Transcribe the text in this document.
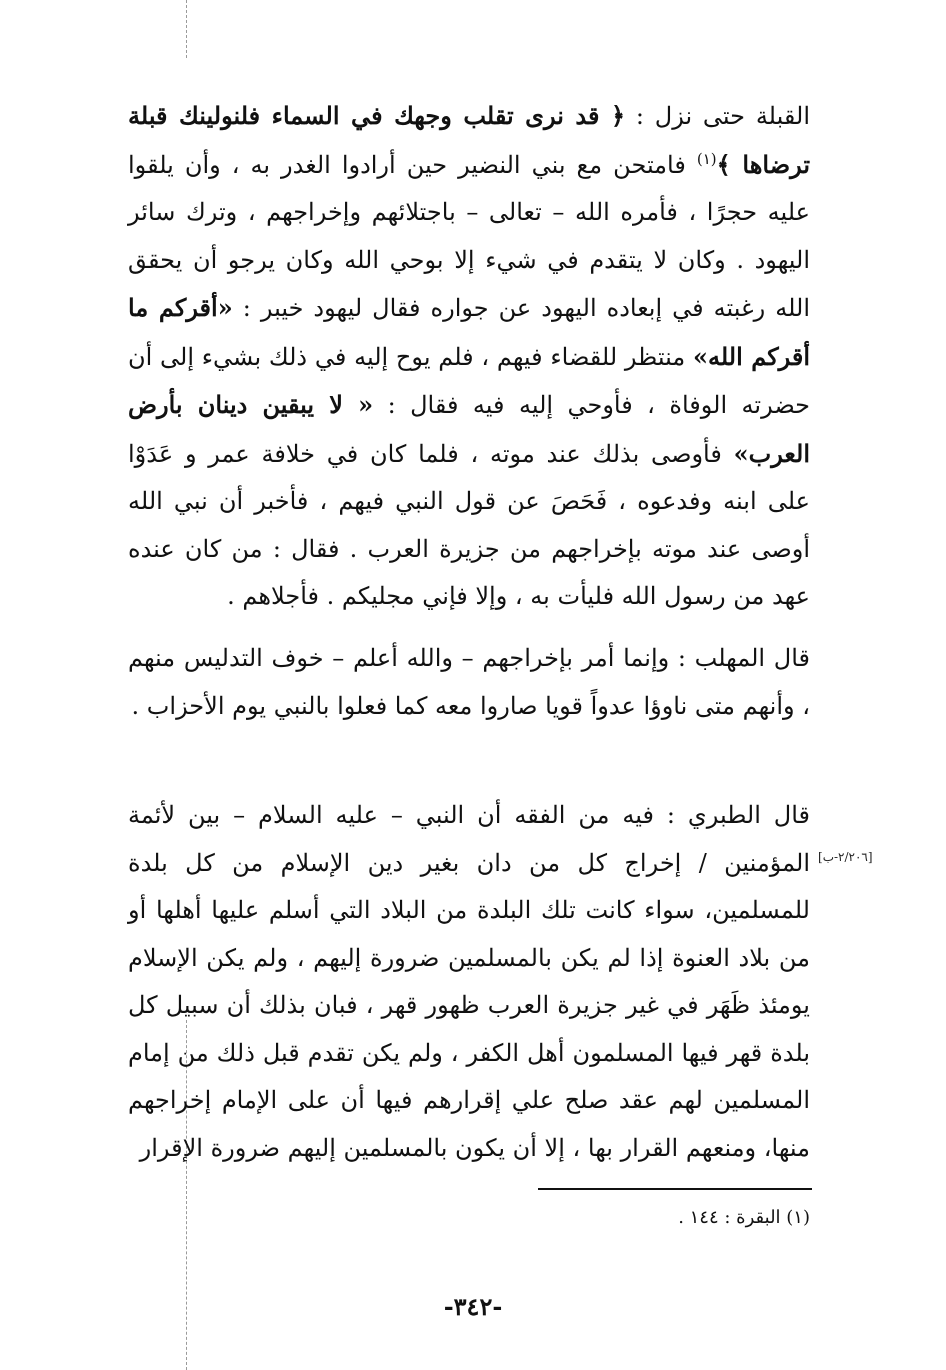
القبلة حتى نزل : ﴿ قد نرى تقلب وجهك في السماء فلنولينك قبلة ترضاها ﴾$^{(١)}$ فامتحن مع بني النضير حين أرادوا الغدر به ، وأن يلقوا عليه حجرًا ، فأمره الله – تعالى – باجتلائهم وإخراجهم ، وترك سائر اليهود . وكان لا يتقدم في شيء إلا بوحي الله وكان يرجو أن يحقق الله رغبته في إبعاده اليهود عن جواره فقال ليهود خيبر : «أقركم ما أقركم الله» منتظر للقضاء فيهم ، فلم يوح إليه في ذلك بشيء إلى أن حضرته الوفاة ، فأوحي إليه فيه فقال : « لا يبقين دينان بأرض العرب» فأوصى بذلك عند موته ، فلما كان في خلافة عمر و عَدَوْا على ابنه وفدعوه ، فَحَصَ عن قول النبي فيهم ، فأخبر أن نبي الله أوصى عند موته بإخراجهم من جزيرة العرب . فقال : من كان عنده عهد من رسول الله فليأت به ، وإلا فإني مجليكم . فأجلاهم .
قال المهلب : وإنما أمر بإخراجهم – والله أعلم – خوف التدليس منهم ، وأنهم متى ناوؤا عدواً قويا صاروا معه كما فعلوا بالنبي يوم الأحزاب .
قال الطبري : فيه من الفقه أن النبي – عليه السلام – بين لأئمة المؤمنين / إخراج كل من دان بغير دين الإسلام من كل بلدة للمسلمين، سواء كانت تلك البلدة من البلاد التي أسلم عليها أهلها أو من بلاد العنوة إذا لم يكن بالمسلمين ضرورة إليهم ، ولم يكن الإسلام يومئذ ظَهَر في غير جزيرة العرب ظهور قهر ، فبان بذلك أن سبيل كل بلدة قهر فيها المسلمون أهل الكفر ، ولم يكن تقدم قبل ذلك من إمام المسلمين لهم عقد صلح علي إقرارهم فيها أن على الإمام إخراجهم منها، ومنعهم القرار بها ، إلا أن يكون بالمسلمين إليهم ضرورة الإقرار
[٢/٢٠٦-ب]
(١) البقرة : ١٤٤ .
-٣٤٢-
